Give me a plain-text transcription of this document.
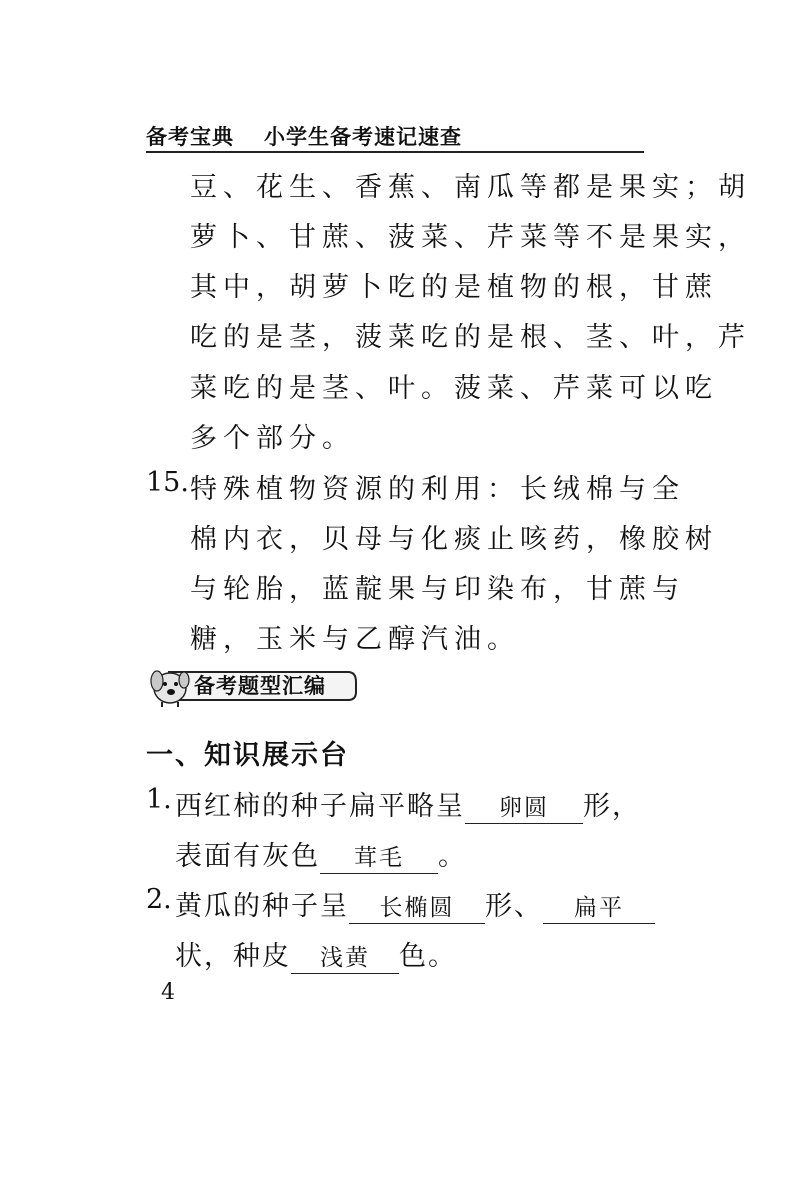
备考宝典 小学生备考速记速查
豆、花生、香蕉、南瓜等都是果实；胡
萝卜、甘蔗、菠菜、芹菜等不是果实，
其中，胡萝卜吃的是植物的根，甘蔗
吃的是茎，菠菜吃的是根、茎、叶，芹
菜吃的是茎、叶。菠菜、芹菜可以吃
多个部分。
15. 特殊植物资源的利用：长绒棉与全
棉内衣，贝母与化痰止咳药，橡胶树
与轮胎，蓝靛果与印染布，甘蔗与
糖，玉米与乙醇汽油。
备考题型汇编
一、知识展示台
1. 西红柿的种子扁平略呈 卵圆 形，
表面有灰色 茸毛 。
2. 黄瓜的种子呈 长椭圆 形、 扁平
状，种皮 浅黄 色。
4
